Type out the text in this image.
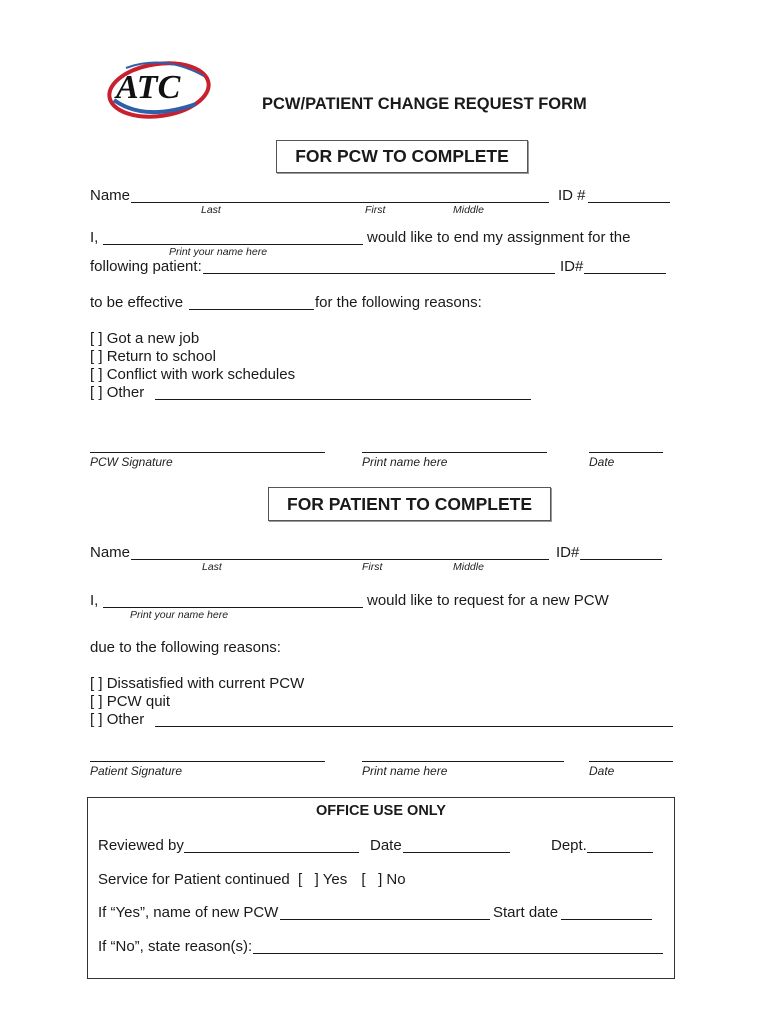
ATC	PCW/PATIENT CHANGE REQUEST FORM
FOR PCW TO COMPLETE
Name	ID #
Last	First	Middle
I,	would like to end my assignment for the
Print your name here
following patient:	ID#
to be effective	for the following reasons:
[ ] Got a new job
[ ] Return to school
[ ] Conflict with work schedules
[ ] Other
PCW Signature	Print name here	Date
FOR PATIENT TO COMPLETE
Name	ID#
Last	First	Middle
I,	would like to request for a new PCW
Print your name here
due to the following reasons:
[ ] Dissatisfied with current PCW
[ ] PCW quit
[ ] Other
Patient Signature	Print name here	Date
OFFICE USE ONLY
Reviewed by	Date	Dept.
Service for Patient continued [ ] Yes [ ] No
If “Yes”, name of new PCW	Start date
If “No”, state reason(s):
